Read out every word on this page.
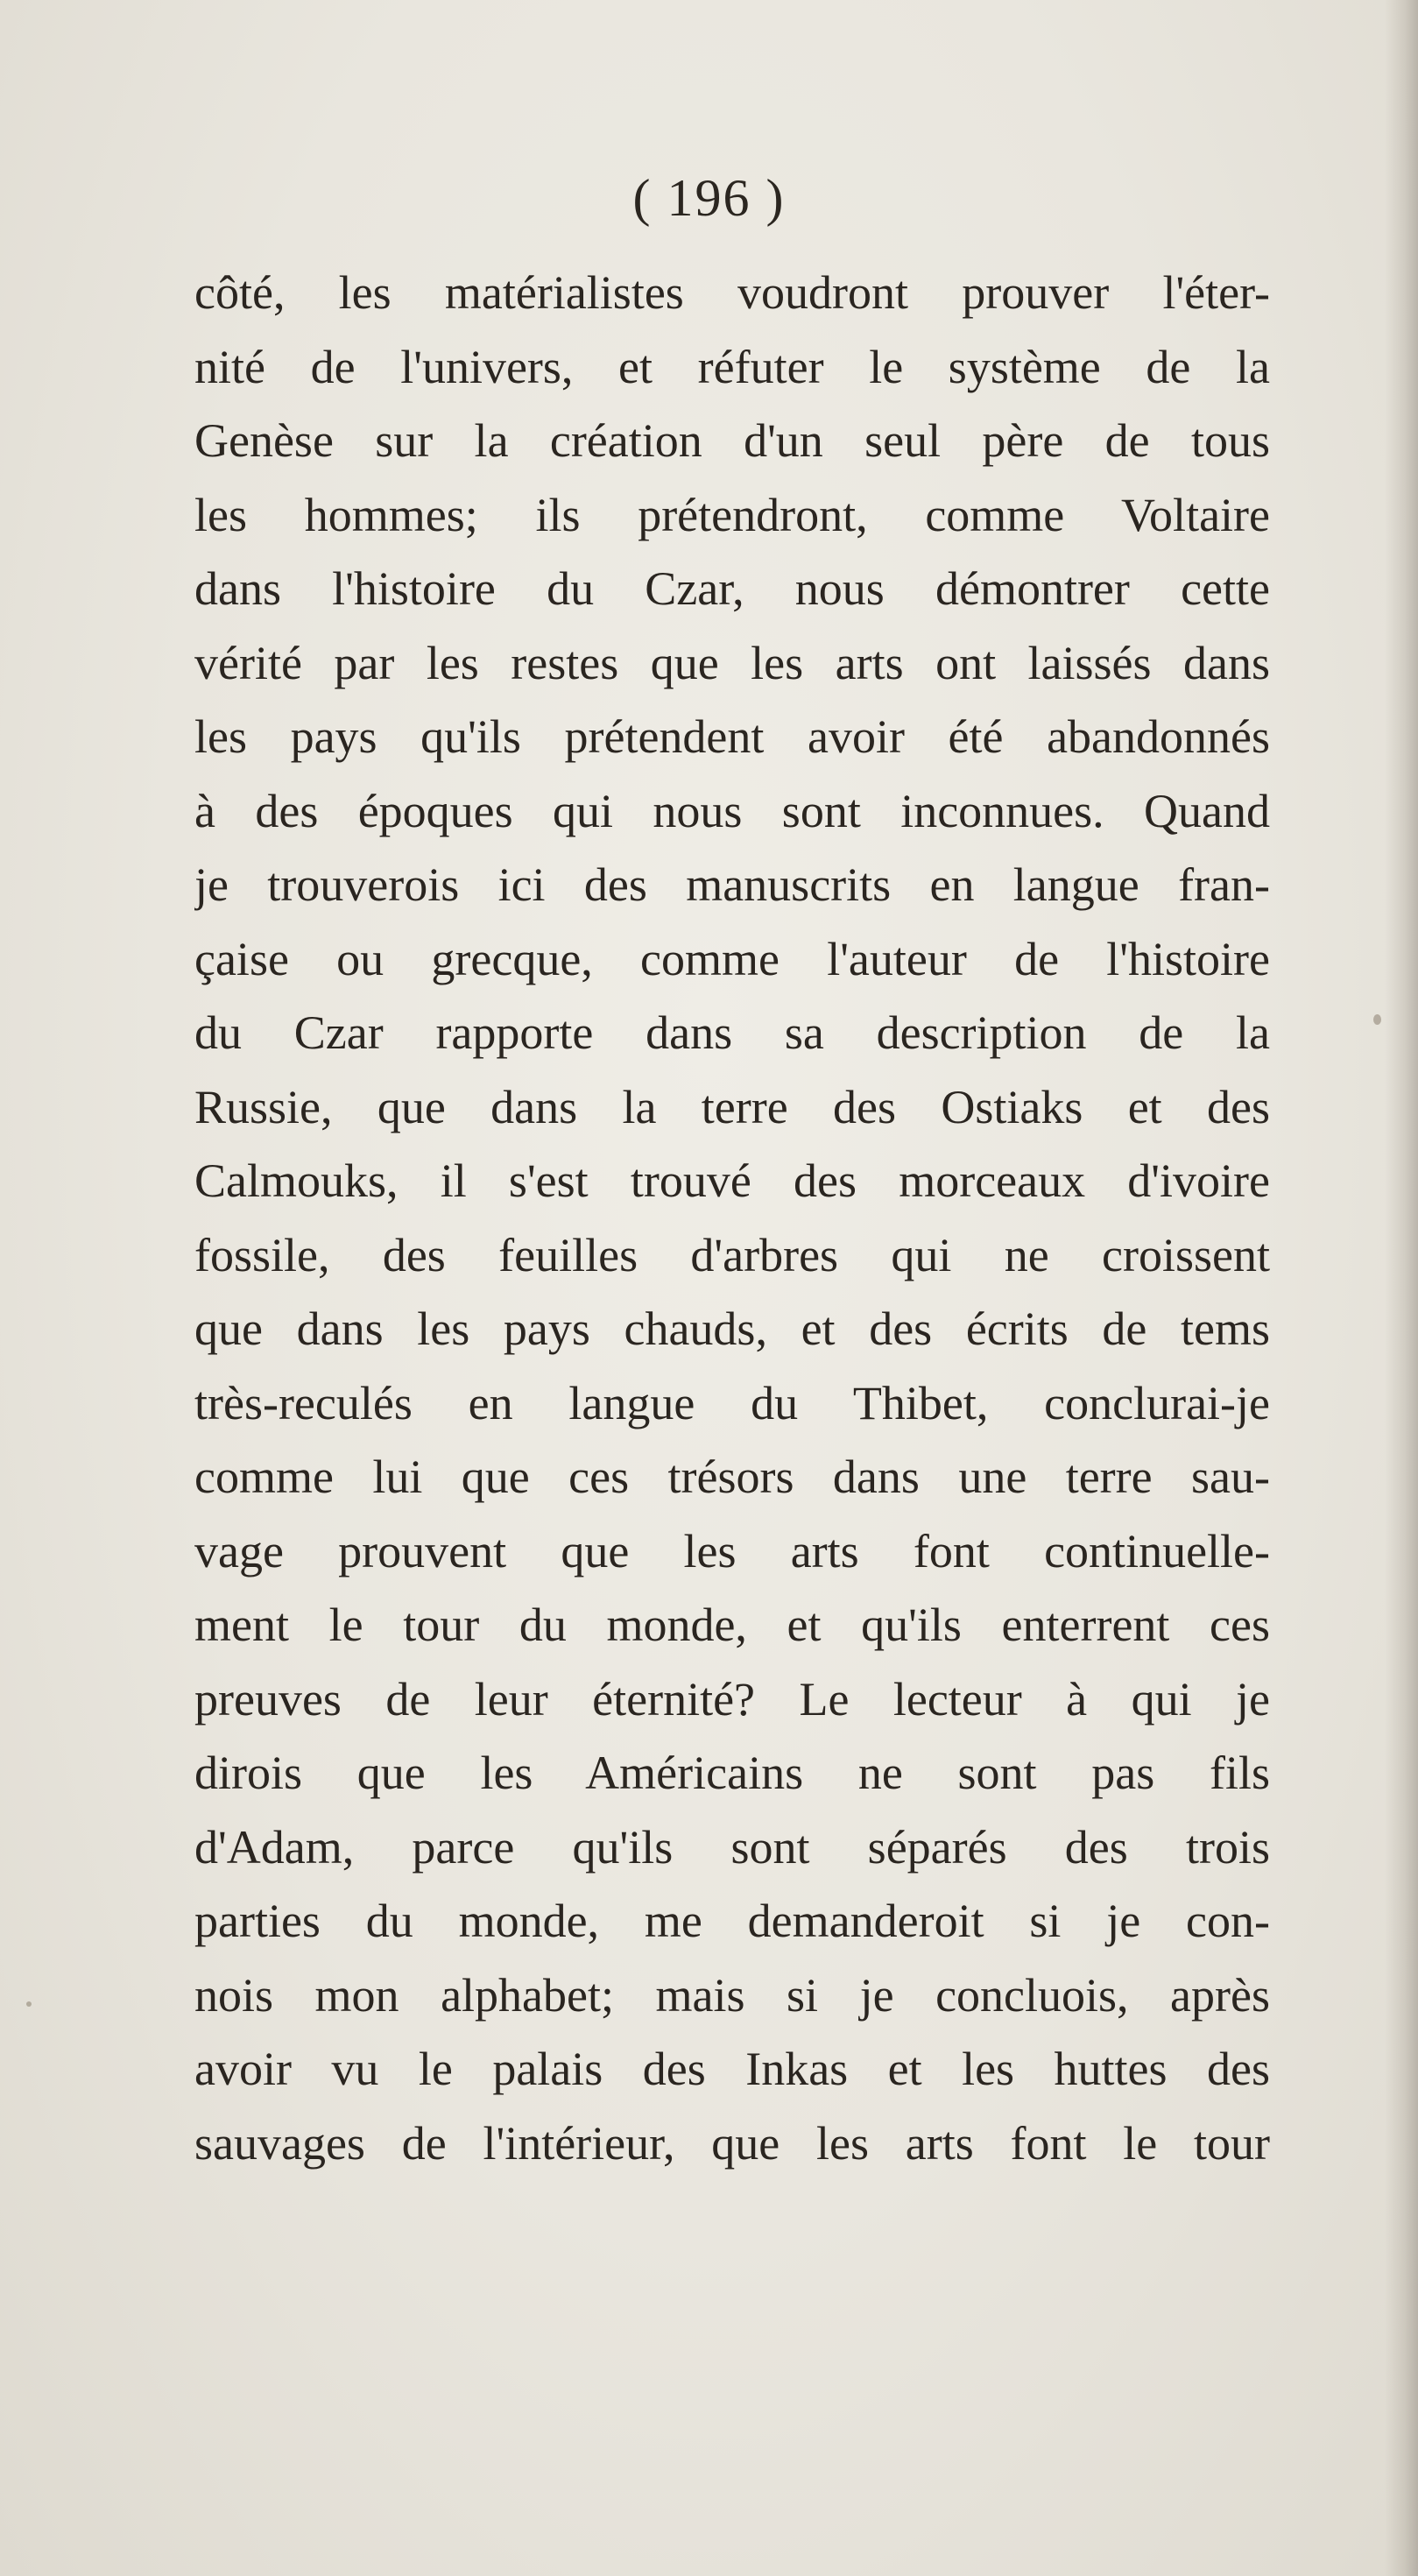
( 196 )
côté, les matérialistes voudront prouver l'éter-
nité de l'univers, et réfuter le système de la
Genèse sur la création d'un seul père de tous
les hommes; ils prétendront, comme Voltaire
dans l'histoire du Czar, nous démontrer cette
vérité par les restes que les arts ont laissés dans
les pays qu'ils prétendent avoir été abandonnés
à des époques qui nous sont inconnues. Quand
je trouverois ici des manuscrits en langue fran-
çaise ou grecque, comme l'auteur de l'histoire
du Czar rapporte dans sa description de la
Russie, que dans la terre des Ostiaks et des
Calmouks, il s'est trouvé des morceaux d'ivoire
fossile, des feuilles d'arbres qui ne croissent
que dans les pays chauds, et des écrits de tems
très-reculés en langue du Thibet, conclurai-je
comme lui que ces trésors dans une terre sau-
vage prouvent que les arts font continuelle-
ment le tour du monde, et qu'ils enterrent ces
preuves de leur éternité? Le lecteur à qui je
dirois que les Américains ne sont pas fils
d'Adam, parce qu'ils sont séparés des trois
parties du monde, me demanderoit si je con-
nois mon alphabet; mais si je concluois, après
avoir vu le palais des Inkas et les huttes des
sauvages de l'intérieur, que les arts font le tour
